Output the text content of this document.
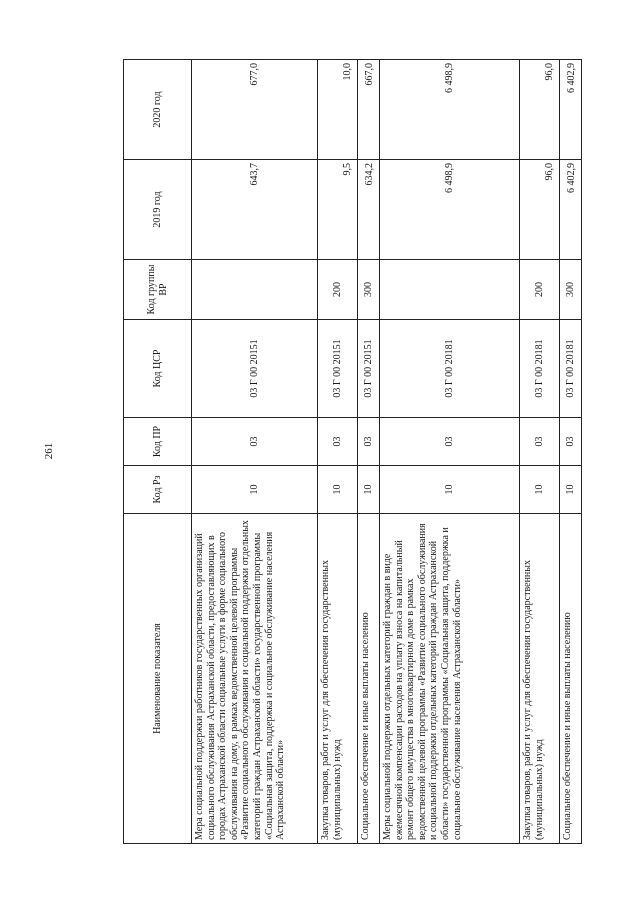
261
Наименование показателя	Код Рз	Код ПР	Код ЦСР	Код группы ВР	2019 год	2020 год
Мера социальной поддержки работников государственных организаций социального обслуживания Астраханской области, предоставляющих в городах Астраханской области социальные услуги в форме социального обслуживания на дому, в рамках ведомственной целевой программы «Развитие социального обслуживания и социальной поддержки отдельных категорий граждан Астраханской области» государственной программы «Социальная защита, поддержка и социальное обслуживание населения Астраханской области»	10	03	03 Г 00 20151		643,7	677,0
Закупка товаров, работ и услуг для обеспечения государственных (муниципальных) нужд	10	03	03 Г 00 20151	200	9,5	10,0
Социальное обеспечение и иные выплаты населению	10	03	03 Г 00 20151	300	634,2	667,0
Меры социальной поддержки отдельных категорий граждан в виде ежемесячной компенсации расходов на уплату взноса на капитальный ремонт общего имущества в многоквартирном доме в рамках ведомственной целевой программы «Развитие социального обслуживания и социальной поддержки отдельных категорий граждан Астраханской области» государственной программы «Социальная защита, поддержка и социальное обслуживание населения Астраханской области»	10	03	03 Г 00 20181		6 498,9	6 498,9
Закупка товаров, работ и услуг для обеспечения государственных (муниципальных) нужд	10	03	03 Г 00 20181	200	96,0	96,0
Социальное обеспечение и иные выплаты населению	10	03	03 Г 00 20181	300	6 402,9	6 402,9
